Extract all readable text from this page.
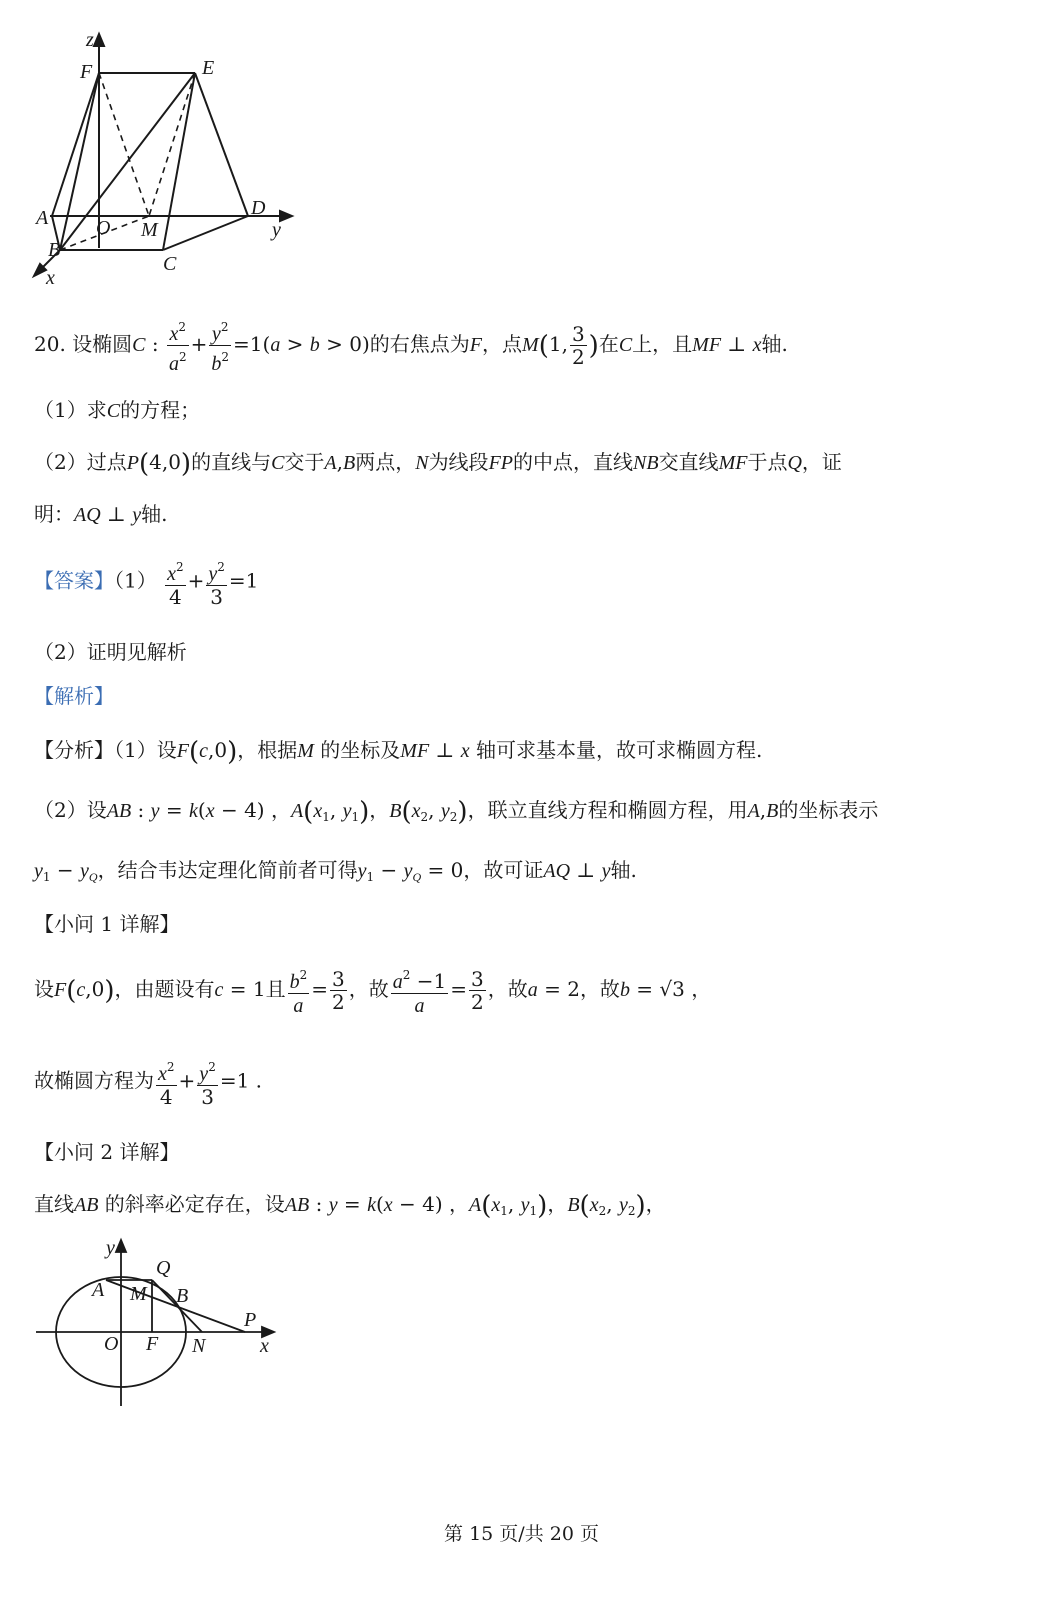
z
F	E
A
B
O M
D
C
y
x
20. 设椭圆C : $\frac{x^2}{a^2} + \frac{y^2}{b^2} =1(a > b > 0)$的右焦点为F，点M(1, $\frac{3}{2}$ )在C上，且MF ⊥ x轴.
（1）求C的方程；
（2）过点P(4,0)的直线与C交于A,B两点，N为线段FP的中点，直线NB交直线MF于点Q，证
明：AQ ⊥ y轴.
【答案】$(1) \frac{x^2}{4} + \frac{y^2}{3} =1$
（2）证明见解析
【解析】
【分析】（1）设F(c,0)，根据M 的坐标及MF ⊥ x 轴可求基本量，故可求椭圆方程.
（2）设AB : y = k(x − 4) ，$A(x_1$, $y_1$)，$B(x_2$, $y_2$)，联立直线方程和椭圆方程，用A,B的坐标表示
$y_1 - y_Q$，结合韦达定理化简前者可得$y_1 - y_Q = 0$，故可证AQ ⊥ y轴.
【小问 1 详解】
设F(c,0)，由题设有c = 1且 $\frac{b^2}{a} = \frac{3}{2}$ ，故 $\frac{a^2 -1}{a} = \frac{3}{2}$ ，故a = 2，故b = √3 ，
故椭圆方程为 $\frac{x^2}{4} + \frac{y^2}{3} =1$ .
【小问 2 详解】
直线AB 的斜率必定存在，设AB : y = k(x − 4) ，$A(x_1$, $y_1$)，$B(x_2$, $y_2$)，
y
Q
A M B
P
O F N	x
第 15 页/共 20 页
